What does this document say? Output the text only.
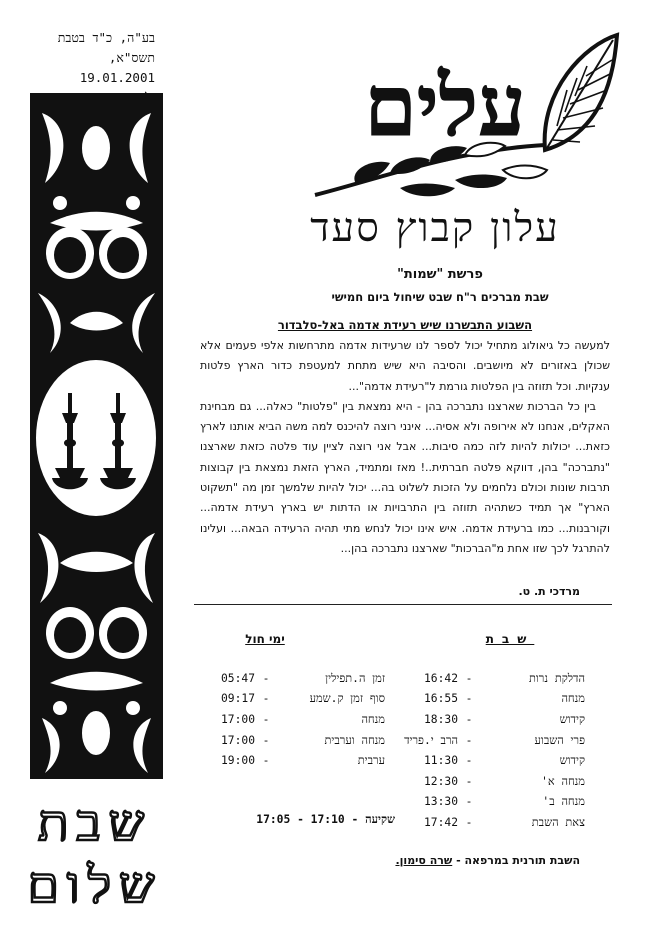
בע"ה, כ"ד בטבת תשס"א,
19.01.2001 עלים
עלון קבוץ סעד
פרשת "שמות"
שבת מברכים ר"ח שבט שיחול ביום חמישי
השבוע התבשרנו שיש רעידת אדמה באל-סלבדור

למעשה כל גיאולוג מתחיל יכול לספר לנו שרעידות אדמה מתרחשות אלפי פעמים אלא שכולן באזורים לא מיושבים. והסיבה היא שיש מתחת למעטפת כדור הארץ פלטות ענקיות. וכל תזוזה בין הפלטות גורמת ל"רעידת אדמה"...

בין כל הברכות שארצנו נתברכה בהן - היא נמצאת בין "פלטות" כאלה... גם מבחינת האקלים, אנחנו לא אירופה ולא אסיה... אינני רוצה להיכנס למה משה הביא אותנו לארץ כזאת... יכולות להיות לזה כמה סיבות... אבל אני רוצה לציין עוד פלטה כזאת שארצנו "נתברכה" בהן, דווקא פלטה חברתית..! מאז ומתמיד, הארץ הזאת נמצאת בין קבוצות תרבות שונות וכולם נלחמים על הזכות לשלוט בה... יכול להיות שלמשך זמן מה "תשקוט הארץ" אך תמיד כשתהיה תזוזה בין התרבויות או הדתות יש בארץ רעידת אדמה... וקורבנות... כמו ברעידת אדמה. איש אינו יכול לנחש מתי תהיה הרעידה הבאה... ועלינו להתרגל לכך שזו אחת מ"הברכות" שארצנו נתברכה בהן...

מרדכי ת. ט.
שבת
ימי חול
הדלקת נרות
-
16:42
מנחה
-
16:55
קידוש
-
18:30
פרי השבוע
-
הרב י.פריד
קידוש
-
11:30
מנחה א'
-
12:30
מנחה ב'
-
13:30
צאת השבת
-
17:42
זמן ה.תפילין
-
05:47
סוף זמן ק.שמע
-
09:17
מנחה
-
17:00
מנחה וערבית
-
17:00
ערבית
-
19:00
שקיעה - 17:05 - 17:10
השבת תורנית במרפאה - שרה סימון.
שבת
שלום
